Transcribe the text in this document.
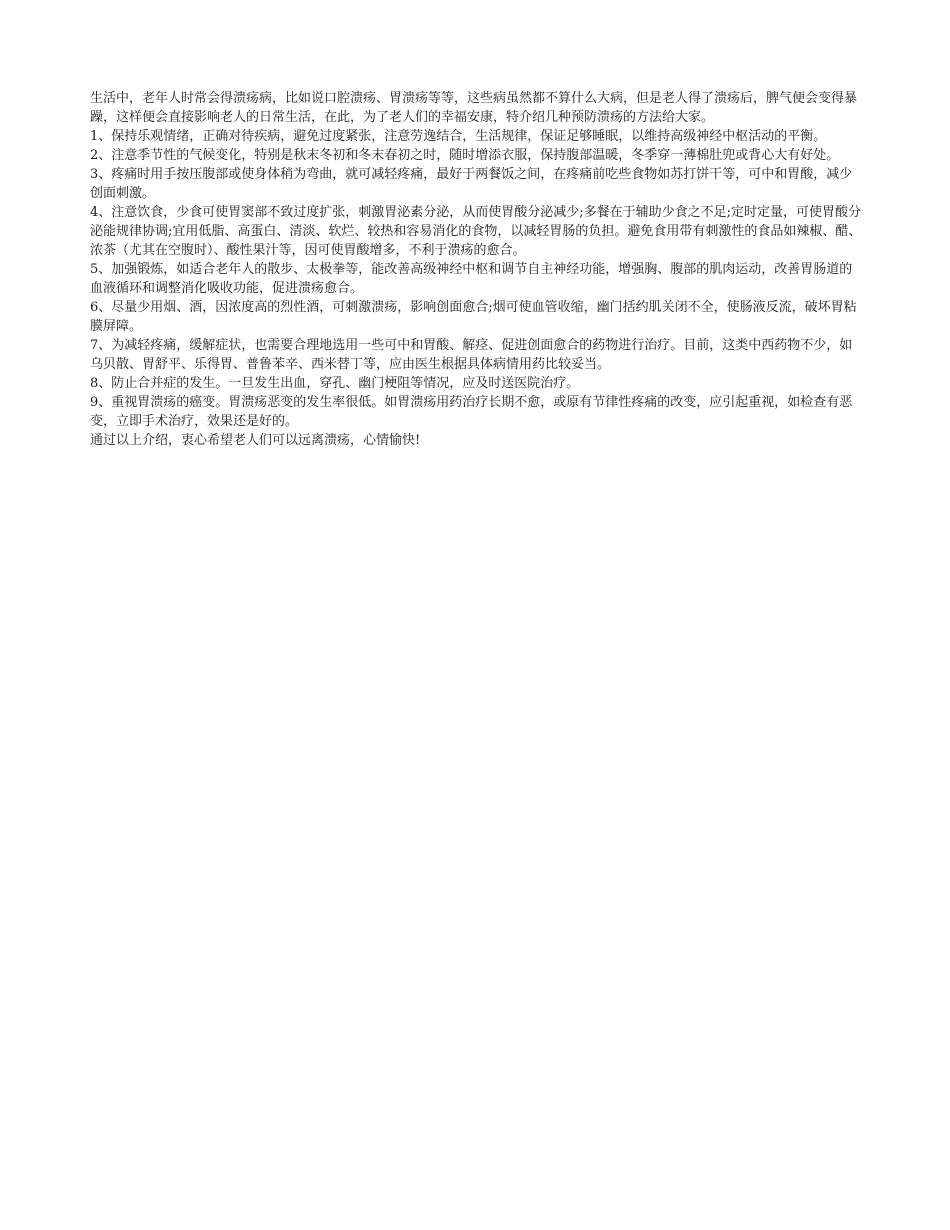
生活中，老年人时常会得溃疡病，比如说口腔溃疡、胃溃疡等等，这些病虽然都不算什么大病，但是老人得了溃疡后，脾气便会变得暴躁，这样便会直接影响老人的日常生活，在此，为了老人们的幸福安康，特介绍几种预防溃疡的方法给大家。

1、保持乐观情绪，正确对待疾病，避免过度紧张，注意劳逸结合，生活规律，保证足够睡眠，以维持高级神经中枢活动的平衡。

2、注意季节性的气候变化，特别是秋末冬初和冬末春初之时，随时增添衣服，保持腹部温暖，冬季穿一薄棉肚兜或背心大有好处。

3、疼痛时用手按压腹部或使身体稍为弯曲，就可减轻疼痛，最好于两餐饭之间，在疼痛前吃些食物如苏打饼干等，可中和胃酸，减少创面刺激。

4、注意饮食，少食可使胃窦部不致过度扩张，刺激胃泌素分泌，从而使胃酸分泌减少;多餐在于辅助少食之不足;定时定量，可使胃酸分泌能规律协调;宜用低脂、高蛋白、清淡、软烂、较热和容易消化的食物，以减轻胃肠的负担。避免食用带有刺激性的食品如辣椒、醋、浓茶（尤其在空腹时）、酸性果汁等，因可使胃酸增多，不利于溃疡的愈合。

5、加强锻炼，如适合老年人的散步、太极拳等，能改善高级神经中枢和调节自主神经功能，增强胸、腹部的肌肉运动，改善胃肠道的血液循环和调整消化吸收功能，促进溃疡愈合。

6、尽量少用烟、酒，因浓度高的烈性酒，可刺激溃疡，影响创面愈合;烟可使血管收缩，幽门括约肌关闭不全，使肠液反流，破坏胃粘膜屏障。

7、为减轻疼痛，缓解症状，也需要合理地选用一些可中和胃酸、解痉、促进创面愈合的药物进行治疗。目前，这类中西药物不少，如乌贝散、胃舒平、乐得胃、普鲁苯辛、西米替丁等，应由医生根据具体病情用药比较妥当。

8、防止合并症的发生。一旦发生出血，穿孔、幽门梗阻等情况，应及时送医院治疗。

9、重视胃溃疡的癌变。胃溃疡恶变的发生率很低。如胃溃疡用药治疗长期不愈，或原有节律性疼痛的改变，应引起重视，如检查有恶变，立即手术治疗，效果还是好的。

通过以上介绍，衷心希望老人们可以远离溃疡，心情愉快!
